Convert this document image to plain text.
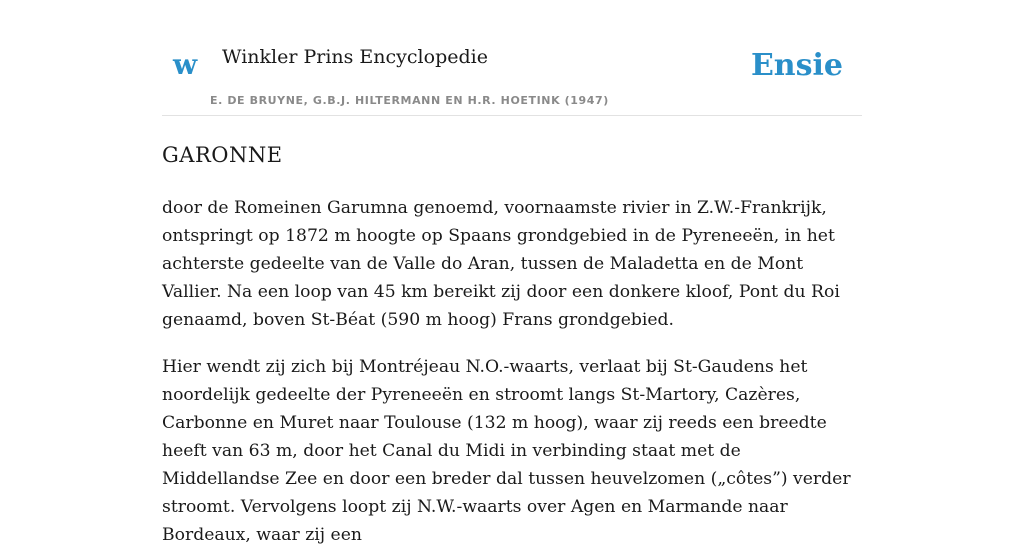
w Winkler Prins Encyclopedie
E. DE BRUYNE, G.B.J. HILTERMANN EN H.R. HOETINK (1947)
Ensie
GARONNE

door de Romeinen Garumna genoemd, voornaamste rivier in Z.W.-Frankrijk, ontspringt op 1872 m hoogte op Spaans grondgebied in de Pyreneeën, in het achterste gedeelte van de Valle do Aran, tussen de Maladetta en de Mont Vallier. Na een loop van 45 km bereikt zij door een donkere kloof, Pont du Roi genaamd, boven St-Béat (590 m hoog) Frans grondgebied.

Hier wendt zij zich bij Montréjeau N.O.-waarts, verlaat bij St-Gaudens het noordelijk gedeelte der Pyreneeën en stroomt langs St-Martory, Cazères, Carbonne en Muret naar Toulouse (132 m hoog), waar zij reeds een breedte heeft van 63 m, door het Canal du Midi in verbinding staat met de Middellandse Zee en door een breder dal tussen heuvelzomen („côtes”) verder stroomt. Vervolgens loopt zij N.W.-waarts over Agen en Marmande naar Bordeaux, waar zij een
